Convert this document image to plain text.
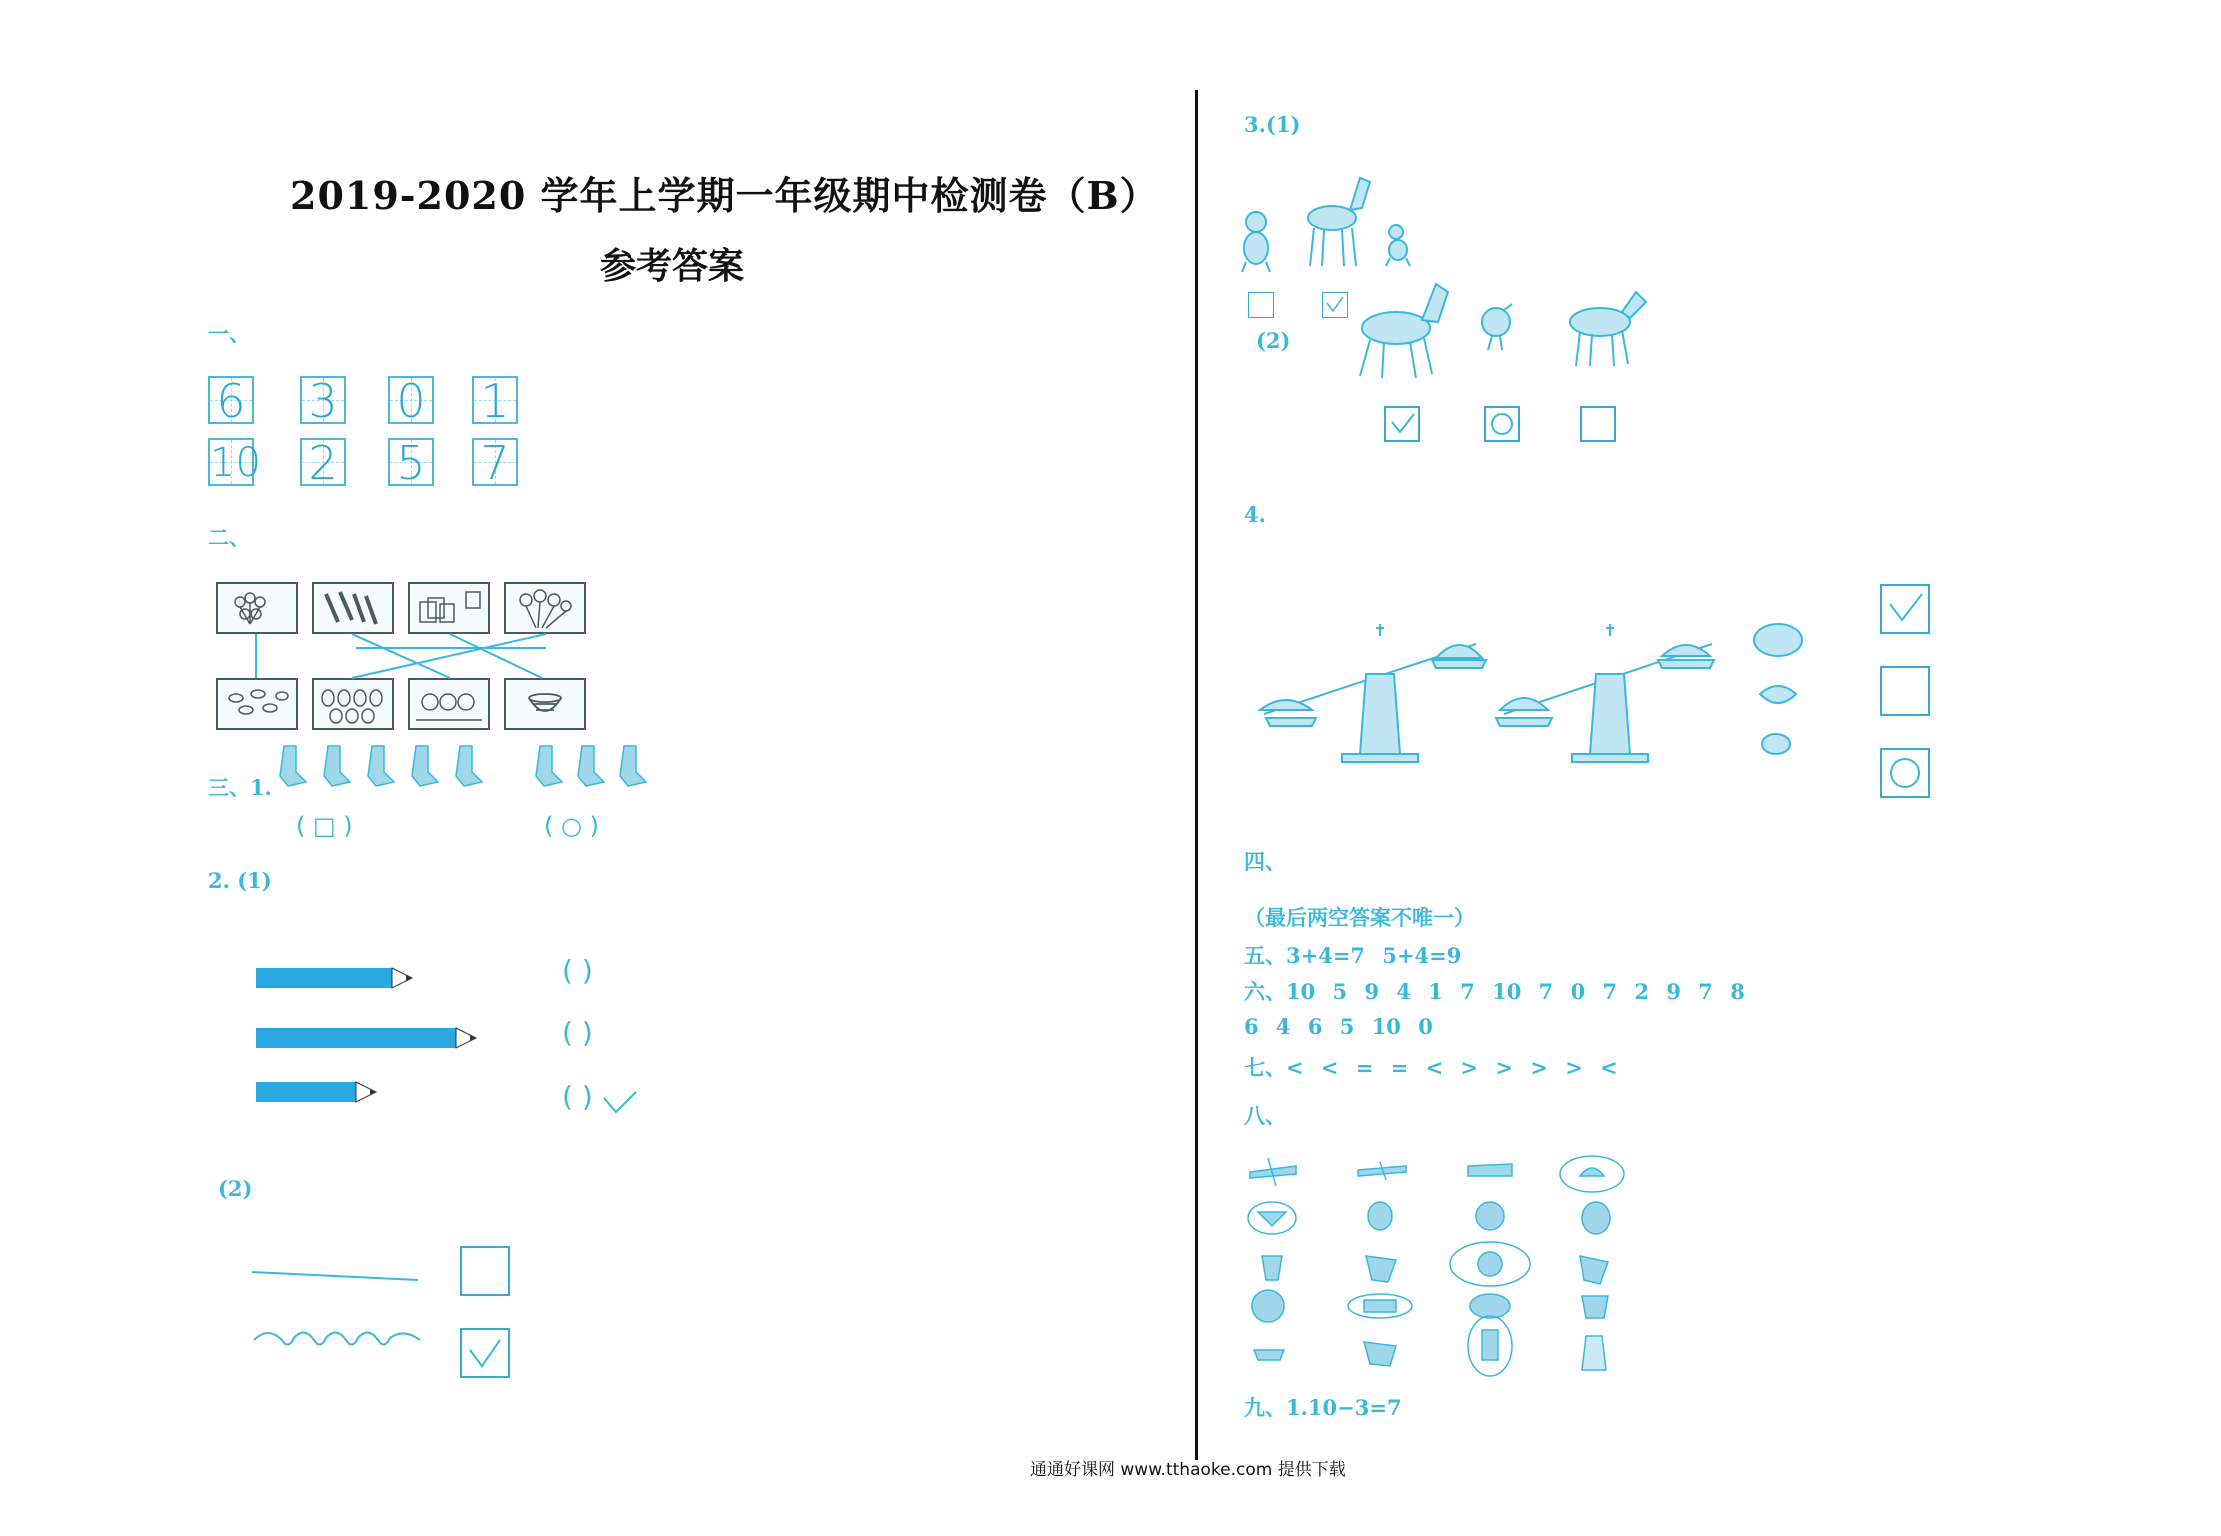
2019-2020 学年上学期一年级期中检测卷（B）
参考答案
一、
6 3 0 1
10 2 5 7
二、
三、1.
( □ )	( ○ )
2. (1)
( )
( )
( )
(2)
3.(1)
(2)
4.
四、
（最后两空答案不唯一）
五、3+4=7 5+4=9
六、10 5 9 4 1 7 10 7 0 7 2 9 7 8
6 4 6 5 10 0
七、< < = = < > > > > <
八、
九、1.10−3=7
通通好课网 www.tthaoke.com 提供下载
